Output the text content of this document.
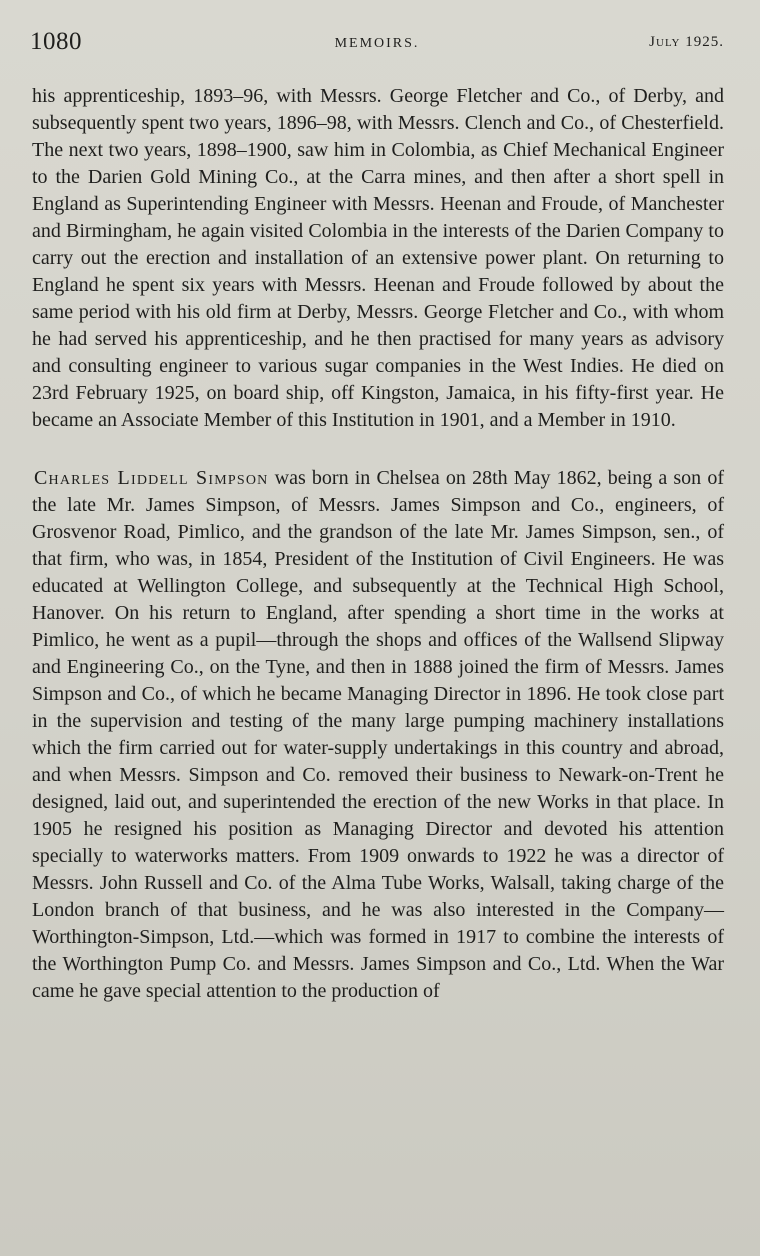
1080	MEMOIRS.	July 1925.

his apprenticeship, 1893–96, with Messrs. George Fletcher and Co., of Derby, and subsequently spent two years, 1896–98, with Messrs. Clench and Co., of Chesterfield. The next two years, 1898–1900, saw him in Colombia, as Chief Mechanical Engineer to the Darien Gold Mining Co., at the Carra mines, and then after a short spell in England as Superintending Engineer with Messrs. Heenan and Froude, of Manchester and Birmingham, he again visited Colombia in the interests of the Darien Company to carry out the erection and installation of an extensive power plant. On returning to England he spent six years with Messrs. Heenan and Froude followed by about the same period with his old firm at Derby, Messrs. George Fletcher and Co., with whom he had served his apprenticeship, and he then practised for many years as advisory and consulting engineer to various sugar companies in the West Indies. He died on 23rd February 1925, on board ship, off Kingston, Jamaica, in his fifty-first year. He became an Associate Member of this Institution in 1901, and a Member in 1910.

Charles Liddell Simpson was born in Chelsea on 28th May 1862, being a son of the late Mr. James Simpson, of Messrs. James Simpson and Co., engineers, of Grosvenor Road, Pimlico, and the grandson of the late Mr. James Simpson, sen., of that firm, who was, in 1854, President of the Institution of Civil Engineers. He was educated at Wellington College, and subsequently at the Technical High School, Hanover. On his return to England, after spending a short time in the works at Pimlico, he went as a pupil—through the shops and offices of the Wallsend Slipway and Engineering Co., on the Tyne, and then in 1888 joined the firm of Messrs. James Simpson and Co., of which he became Managing Director in 1896. He took close part in the supervision and testing of the many large pumping machinery installations which the firm carried out for water-supply undertakings in this country and abroad, and when Messrs. Simpson and Co. removed their business to Newark-on-Trent he designed, laid out, and superintended the erection of the new Works in that place. In 1905 he resigned his position as Managing Director and devoted his attention specially to waterworks matters. From 1909 onwards to 1922 he was a director of Messrs. John Russell and Co. of the Alma Tube Works, Walsall, taking charge of the London branch of that business, and he was also interested in the Company—Worthington-Simpson, Ltd.—which was formed in 1917 to combine the interests of the Worthington Pump Co. and Messrs. James Simpson and Co., Ltd. When the War came he gave special attention to the production of
